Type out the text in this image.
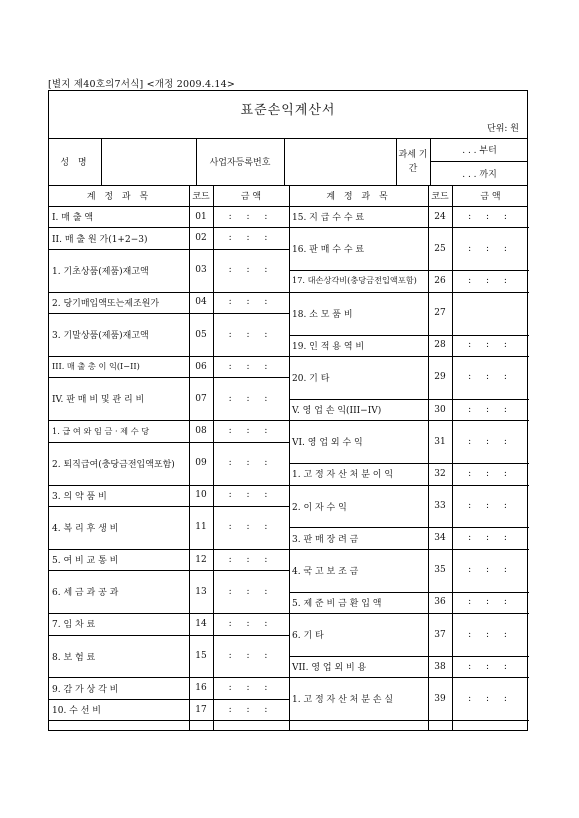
[별지 제40호의7서식] <개정 2009.4.14>
표준손익계산서
단위: 원
성 명	사업자등록번호
과세 기간
. . . 부터
. . . 까지
계 정 과 목	코드	금 액	계 정 과 목	코드	금 액
I. 매 출 액	01	: : :
II. 매 출 원 가(1+2−3)	02	: : :
1. 기초상품(제품)재고액	03	: : :
2. 당기매입액또는제조원가	04	: : :
3. 기말상품(제품)재고액	05	: : :
III. 매 출 총 이 익(I−II)	06	: : :
IV. 판 매 비 및 관 리 비	07	: : :
1. 급 여 와 임 금 · 제 수 당	08	: : :
2. 퇴직급여(충당금전입액포함)	09	: : :
3. 의 약 품 비	10	: : :
4. 복 리 후 생 비	11	: : :
5. 여 비 교 통 비	12	: : :
6. 세 금 과 공 과	13	: : :
7. 임 차 료	14	: : :
8. 보 험 료	15	: : :
9. 감 가 상 각 비	16	: : :
10. 수 선 비	17	: : :
15. 지 급 수 수 료	24	: : :
16. 판 매 수 수 료	25	: : :
17. 대손상각비(충당금전입액포함)	26	: : :
18. 소 모 품 비	27
19. 인 적 용 역 비	28	: : :
20. 기 타	29	: : :
V. 영 업 손 익(III−IV)	30	: : :
VI. 영 업 외 수 익	31	: : :
1. 고 정 자 산 처 분 이 익	32	: : :
2. 이 자 수 익	33	: : :
3. 판 매 장 려 금	34	: : :
4. 국 고 보 조 금	35	: : :
5. 제 준 비 금 환 입 액	36	: : :
6. 기 타	37	: : :
VII. 영 업 외 비 용	38	: : :
1. 고 정 자 산 처 분 손 실	39	: : :
